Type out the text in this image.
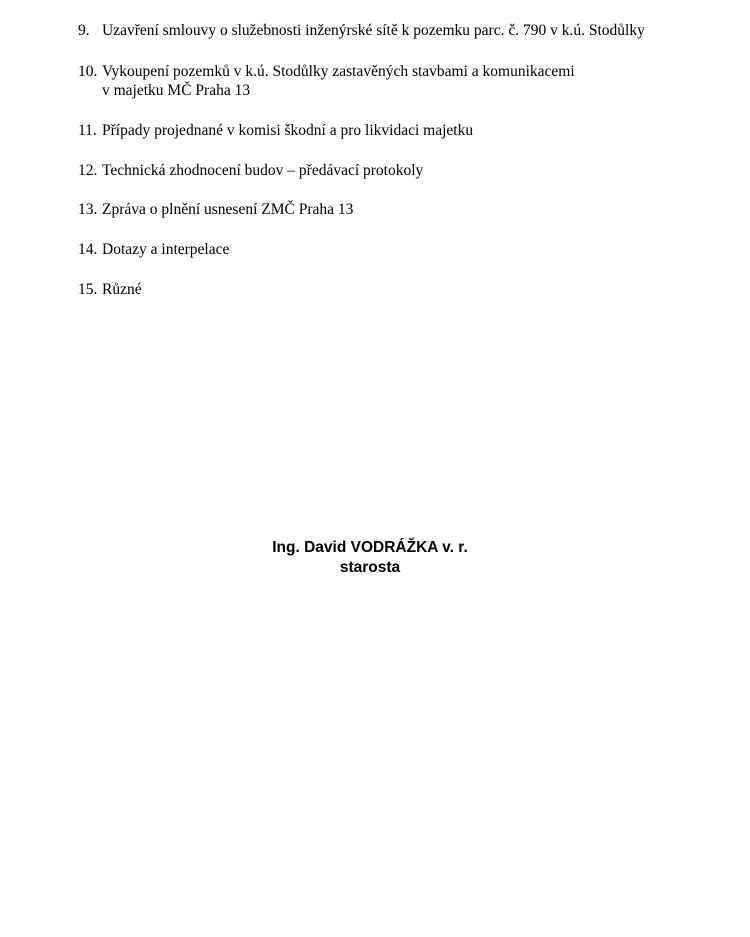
9. Uzavření smlouvy o služebnosti inženýrské sítě k pozemku parc. č. 790 v k.ú. Stodůlky
10. Vykoupení pozemků v k.ú. Stodůlky zastavěných stavbami a komunikacemi
v majetku MČ Praha 13
11. Případy projednané v komisi škodní a pro likvidaci majetku
12. Technická zhodnocení budov – předávací protokoly
13. Zpráva o plnění usnesení ZMČ Praha 13
14. Dotazy a interpelace
15. Různé
Ing. David VODRÁŽKA v. r.
starosta
